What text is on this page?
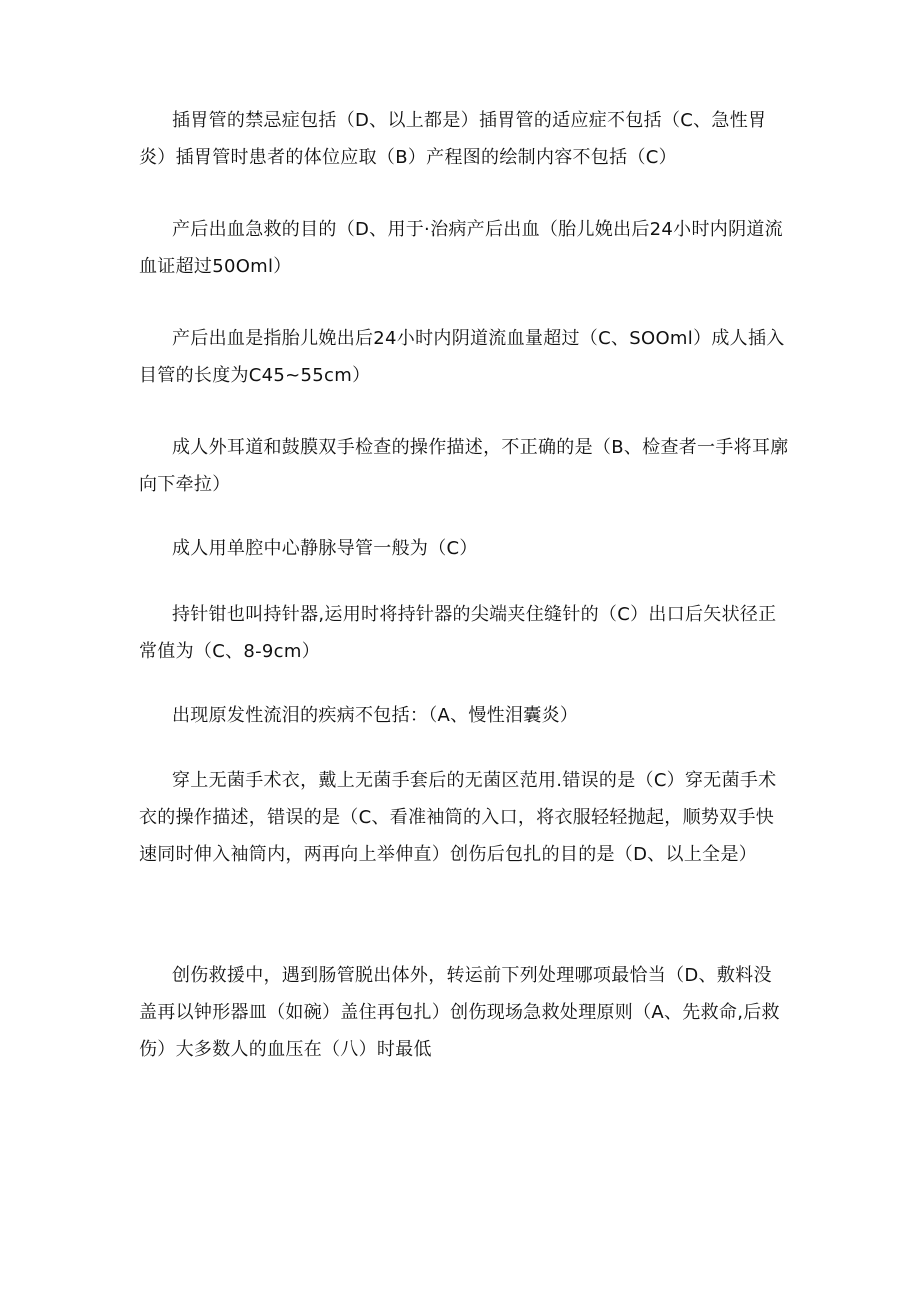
插胃管的禁忌症包括（D、以上都是）插胃管的适应症不包括（C、急性胃炎）插胃管时患者的体位应取（B）产程图的绘制内容不包括（C）

产后出血急救的目的（D、用于·治病产后出血（胎儿娩出后24小时内阴道流血证超过50Oml）

产后出血是指胎儿娩出后24小时内阴道流血量超过（C、SOOml）成人插入目管的长度为C45~55cm）

成人外耳道和鼓膜双手检查的操作描述，不正确的是（B、检查者一手将耳廓向下牵拉）

成人用单腔中心静脉导管一般为（C）

持针钳也叫持针器,运用时将持针器的尖端夹住缝针的（C）出口后矢状径正常值为（C、8-9cm）

出现原发性流泪的疾病不包括：（A、慢性泪囊炎）

穿上无菌手术衣，戴上无菌手套后的无菌区范用.错误的是（C）穿无菌手术衣的操作描述，错误的是（C、看准袖筒的入口，将衣服轻轻抛起，顺势双手快速同时伸入袖筒内，两再向上举伸直）创伤后包扎的目的是（D、以上全是）

创伤救援中，遇到肠管脱出体外，转运前下列处理哪项最恰当（D、敷料没盖再以钟形器皿（如碗）盖住再包扎）创伤现场急救处理原则（A、先救命,后救伤）大多数人的血压在（八）时最低
